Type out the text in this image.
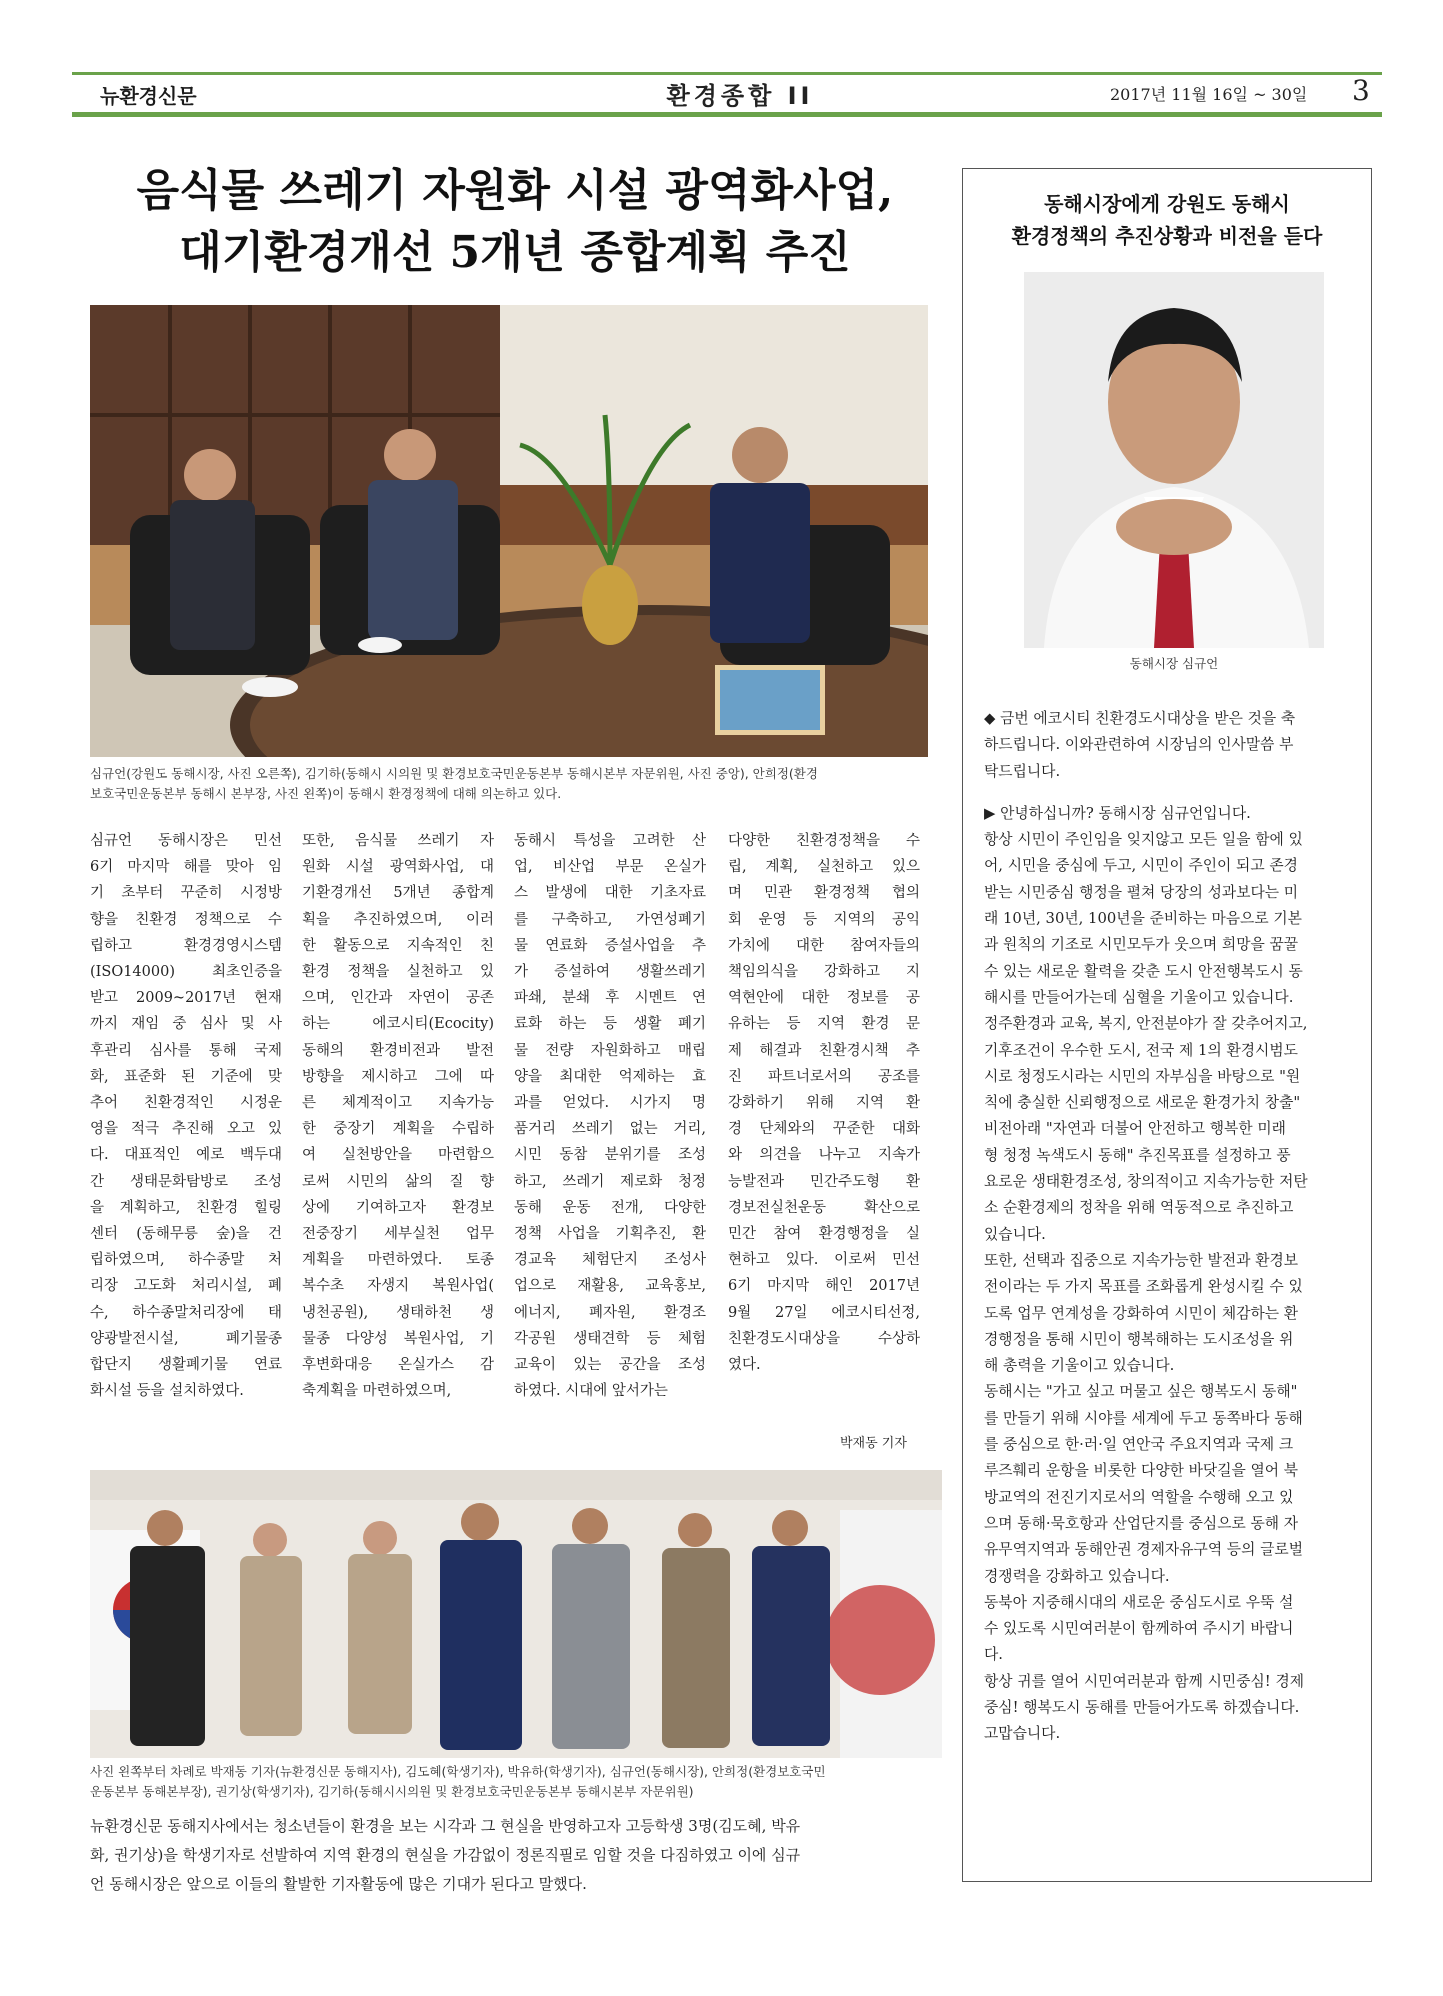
뉴환경신문	환경종합 II	2017년 11월 16일 ~ 30일 3
음식물 쓰레기 자원화 시설 광역화사업,
대기환경개선 5개년 종합계획 추진
심규언(강원도 동해시장, 사진 오른쪽), 김기하(동해시 시의원 및 환경보호국민운동본부 동해시본부 자문위원, 사진 중앙), 안희정(환경
보호국민운동본부 동해시 본부장, 사진 왼쪽)이 동해시 환경정책에 대해 의논하고 있다.
심규언 동해시장은 민선
6기 마지막 해를 맞아 임
기 초부터 꾸준히 시정방
향을 친환경 정책으로 수
립하고 환경경영시스템
(ISO14000) 최초인증을
받고 2009~2017년 현재
까지 재임 중 심사 및 사
후관리 심사를 통해 국제
화, 표준화 된 기준에 맞
추어 친환경적인 시정운
영을 적극 추진해 오고 있
다. 대표적인 예로 백두대
간 생태문화탐방로 조성
을 계획하고, 친환경 힐링
센터 (동해무릉 숲)을 건
립하였으며, 하수종말 처
리장 고도화 처리시설, 폐
수, 하수종말처리장에 태
양광발전시설, 폐기물종
합단지 생활폐기물 연료
화시설 등을 설치하였다.
또한, 음식물 쓰레기 자
원화 시설 광역화사업, 대
기환경개선 5개년 종합계
획을 추진하였으며, 이러
한 활동으로 지속적인 친
환경 정책을 실천하고 있
으며, 인간과 자연이 공존
하는 에코시티(Ecocity)
동해의 환경비전과 발전
방향을 제시하고 그에 따
른 체계적이고 지속가능
한 중장기 계획을 수립하
여 실천방안을 마련함으
로써 시민의 삶의 질 향
상에 기여하고자 환경보
전중장기 세부실천 업무
계획을 마련하였다. 토종
복수초 자생지 복원사업(
냉천공원), 생태하천 생
물종 다양성 복원사업, 기
후변화대응 온실가스 감
축계획을 마련하였으며,
동해시 특성을 고려한 산
업, 비산업 부문 온실가
스 발생에 대한 기초자료
를 구축하고, 가연성폐기
물 연료화 증설사업을 추
가 증설하여 생활쓰레기
파쇄, 분쇄 후 시멘트 연
료화 하는 등 생활 폐기
물 전량 자원화하고 매립
양을 최대한 억제하는 효
과를 얻었다. 시가지 명
품거리 쓰레기 없는 거리,
시민 동참 분위기를 조성
하고, 쓰레기 제로화 청정
동해 운동 전개, 다양한
정책 사업을 기획추진, 환
경교육 체험단지 조성사
업으로 재활용, 교육홍보,
에너지, 폐자원, 환경조
각공원 생태견학 등 체험
교육이 있는 공간을 조성
하였다. 시대에 앞서가는
다양한 친환경정책을 수
립, 계획, 실천하고 있으
며 민관 환경정책 협의
회 운영 등 지역의 공익
가치에 대한 참여자들의
책임의식을 강화하고 지
역현안에 대한 정보를 공
유하는 등 지역 환경 문
제 해결과 친환경시책 추
진 파트너로서의 공조를
강화하기 위해 지역 환
경 단체와의 꾸준한 대화
와 의견을 나누고 지속가
능발전과 민간주도형 환
경보전실천운동 확산으로
민간 참여 환경행정을 실
현하고 있다. 이로써 민선
6기 마지막 해인 2017년
9월 27일 에코시티선정,
친환경도시대상을 수상하
였다.
박재동 기자
사진 왼쪽부터 차례로 박재동 기자(뉴환경신문 동해지사), 김도혜(학생기자), 박유하(학생기자), 심규언(동해시장), 안희정(환경보호국민
운동본부 동해본부장), 권기상(학생기자), 김기하(동해시시의원 및 환경보호국민운동본부 동해시본부 자문위원)
뉴환경신문 동해지사에서는 청소년들이 환경을 보는 시각과 그 현실을 반영하고자 고등학생 3명(김도혜, 박유
화, 권기상)을 학생기자로 선발하여 지역 환경의 현실을 가감없이 정론직필로 임할 것을 다짐하였고 이에 심규
언 동해시장은 앞으로 이들의 활발한 기자활동에 많은 기대가 된다고 말했다.
동해시장에게 강원도 동해시
환경정책의 추진상황과 비전을 듣다
동해시장 심규언
◆ 금번 에코시티 친환경도시대상을 받은 것을 축
하드립니다. 이와관련하여 시장님의 인사말씀 부
탁드립니다.
▶ 안녕하십니까? 동해시장 심규언입니다.
항상 시민이 주인임을 잊지않고 모든 일을 함에 있
어, 시민을 중심에 두고, 시민이 주인이 되고 존경
받는 시민중심 행정을 펼쳐 당장의 성과보다는 미
래 10년, 30년, 100년을 준비하는 마음으로 기본
과 원칙의 기조로 시민모두가 웃으며 희망을 꿈꿀
수 있는 새로운 활력을 갖춘 도시 안전행복도시 동
해시를 만들어가는데 심혈을 기울이고 있습니다.
정주환경과 교육, 복지, 안전분야가 잘 갖추어지고,
기후조건이 우수한 도시, 전국 제 1의 환경시범도
시로 청정도시라는 시민의 자부심을 바탕으로 "원
칙에 충실한 신뢰행정으로 새로운 환경가치 창출"
비전아래 "자연과 더불어 안전하고 행복한 미래
형 청정 녹색도시 동해" 추진목표를 설정하고 풍
요로운 생태환경조성, 창의적이고 지속가능한 저탄
소 순환경제의 정착을 위해 역동적으로 추진하고
있습니다.
또한, 선택과 집중으로 지속가능한 발전과 환경보
전이라는 두 가지 목표를 조화롭게 완성시킬 수 있
도록 업무 연계성을 강화하여 시민이 체감하는 환
경행정을 통해 시민이 행복해하는 도시조성을 위
해 총력을 기울이고 있습니다.
동해시는 "가고 싶고 머물고 싶은 행복도시 동해"
를 만들기 위해 시야를 세계에 두고 동쪽바다 동해
를 중심으로 한·러·일 연안국 주요지역과 국제 크
루즈훼리 운항을 비롯한 다양한 바닷길을 열어 북
방교역의 전진기지로서의 역할을 수행해 오고 있
으며 동해·묵호항과 산업단지를 중심으로 동해 자
유무역지역과 동해안권 경제자유구역 등의 글로벌
경쟁력을 강화하고 있습니다.
동북아 지중해시대의 새로운 중심도시로 우뚝 설
수 있도록 시민여러분이 함께하여 주시기 바랍니
다.
항상 귀를 열어 시민여러분과 함께 시민중심! 경제
중심! 행복도시 동해를 만들어가도록 하겠습니다.
고맙습니다.
